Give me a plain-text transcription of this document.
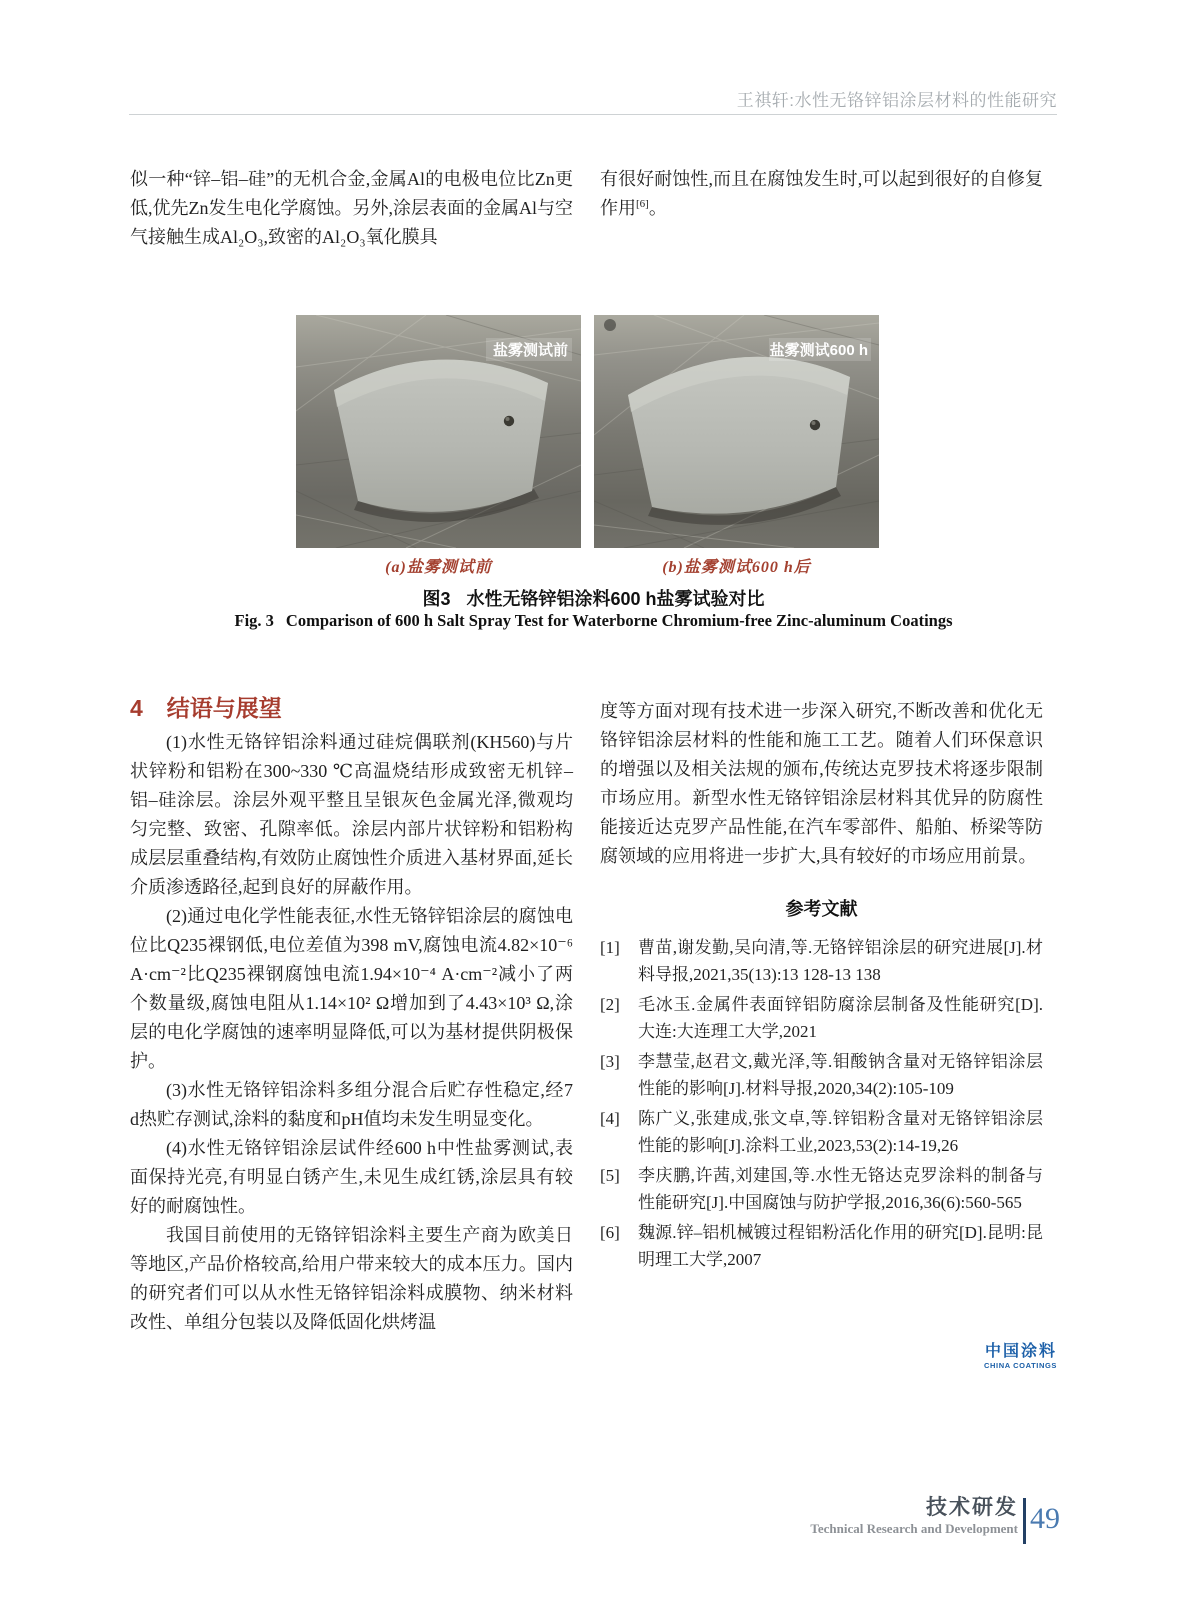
王祺轩:水性无铬锌铝涂层材料的性能研究
似一种“锌–铝–硅”的无机合金,金属Al的电极电位比Zn更低,优先Zn发生电化学腐蚀。另外,涂层表面的金属Al与空气接触生成Al₂O₃,致密的Al₂O₃氧化膜具
有很好耐蚀性,而且在腐蚀发生时,可以起到很好的自修复作用[6]。
盐雾测试前	盐雾测试600 h
(a)盐雾测试前	(b)盐雾测试600 h后
图3 水性无铬锌铝涂料600 h盐雾试验对比
Fig. 3 Comparison of 600 h Salt Spray Test for Waterborne Chromium-free Zinc-aluminum Coatings
4 结语与展望

(1)水性无铬锌铝涂料通过硅烷偶联剂(KH560)与片状锌粉和铝粉在300~330 ℃高温烧结形成致密无机锌–铝–硅涂层。涂层外观平整且呈银灰色金属光泽,微观均匀完整、致密、孔隙率低。涂层内部片状锌粉和铝粉构成层层重叠结构,有效防止腐蚀性介质进入基材界面,延长介质渗透路径,起到良好的屏蔽作用。

(2)通过电化学性能表征,水性无铬锌铝涂层的腐蚀电位比Q235裸钢低,电位差值为398 mV,腐蚀电流4.82×10⁻⁶ A·cm⁻²比Q235裸钢腐蚀电流1.94×10⁻⁴ A·cm⁻²减小了两个数量级,腐蚀电阻从1.14×10² Ω增加到了4.43×10³ Ω,涂层的电化学腐蚀的速率明显降低,可以为基材提供阴极保护。

(3)水性无铬锌铝涂料多组分混合后贮存性稳定,经7 d热贮存测试,涂料的黏度和pH值均未发生明显变化。

(4)水性无铬锌铝涂层试件经600 h中性盐雾测试,表面保持光亮,有明显白锈产生,未见生成红锈,涂层具有较好的耐腐蚀性。

我国目前使用的无铬锌铝涂料主要生产商为欧美日等地区,产品价格较高,给用户带来较大的成本压力。国内的研究者们可以从水性无铬锌铝涂料成膜物、纳米材料改性、单组分包装以及降低固化烘烤温

度等方面对现有技术进一步深入研究,不断改善和优化无铬锌铝涂层材料的性能和施工工艺。随着人们环保意识的增强以及相关法规的颁布,传统达克罗技术将逐步限制市场应用。新型水性无铬锌铝涂层材料其优异的防腐性能接近达克罗产品性能,在汽车零部件、船舶、桥梁等防腐领域的应用将进一步扩大,具有较好的市场应用前景。

参考文献
[1] 曹苗,谢发勤,吴向清,等.无铬锌铝涂层的研究进展[J].材料导报,2021,35(13):13 128-13 138
[2] 毛冰玉.金属件表面锌铝防腐涂层制备及性能研究[D].大连:大连理工大学,2021
[3] 李慧莹,赵君文,戴光泽,等.钼酸钠含量对无铬锌铝涂层性能的影响[J].材料导报,2020,34(2):105-109
[4] 陈广义,张建成,张文卓,等.锌铝粉含量对无铬锌铝涂层性能的影响[J].涂料工业,2023,53(2):14-19,26
[5] 李庆鹏,许茜,刘建国,等.水性无铬达克罗涂料的制备与性能研究[J].中国腐蚀与防护学报,2016,36(6):560-565
[6] 魏源.锌–铝机械镀过程铝粉活化作用的研究[D].昆明:昆明理工大学,2007
中国涂料
CHINA COATINGS
技术研发
Technical Research and Development 49
